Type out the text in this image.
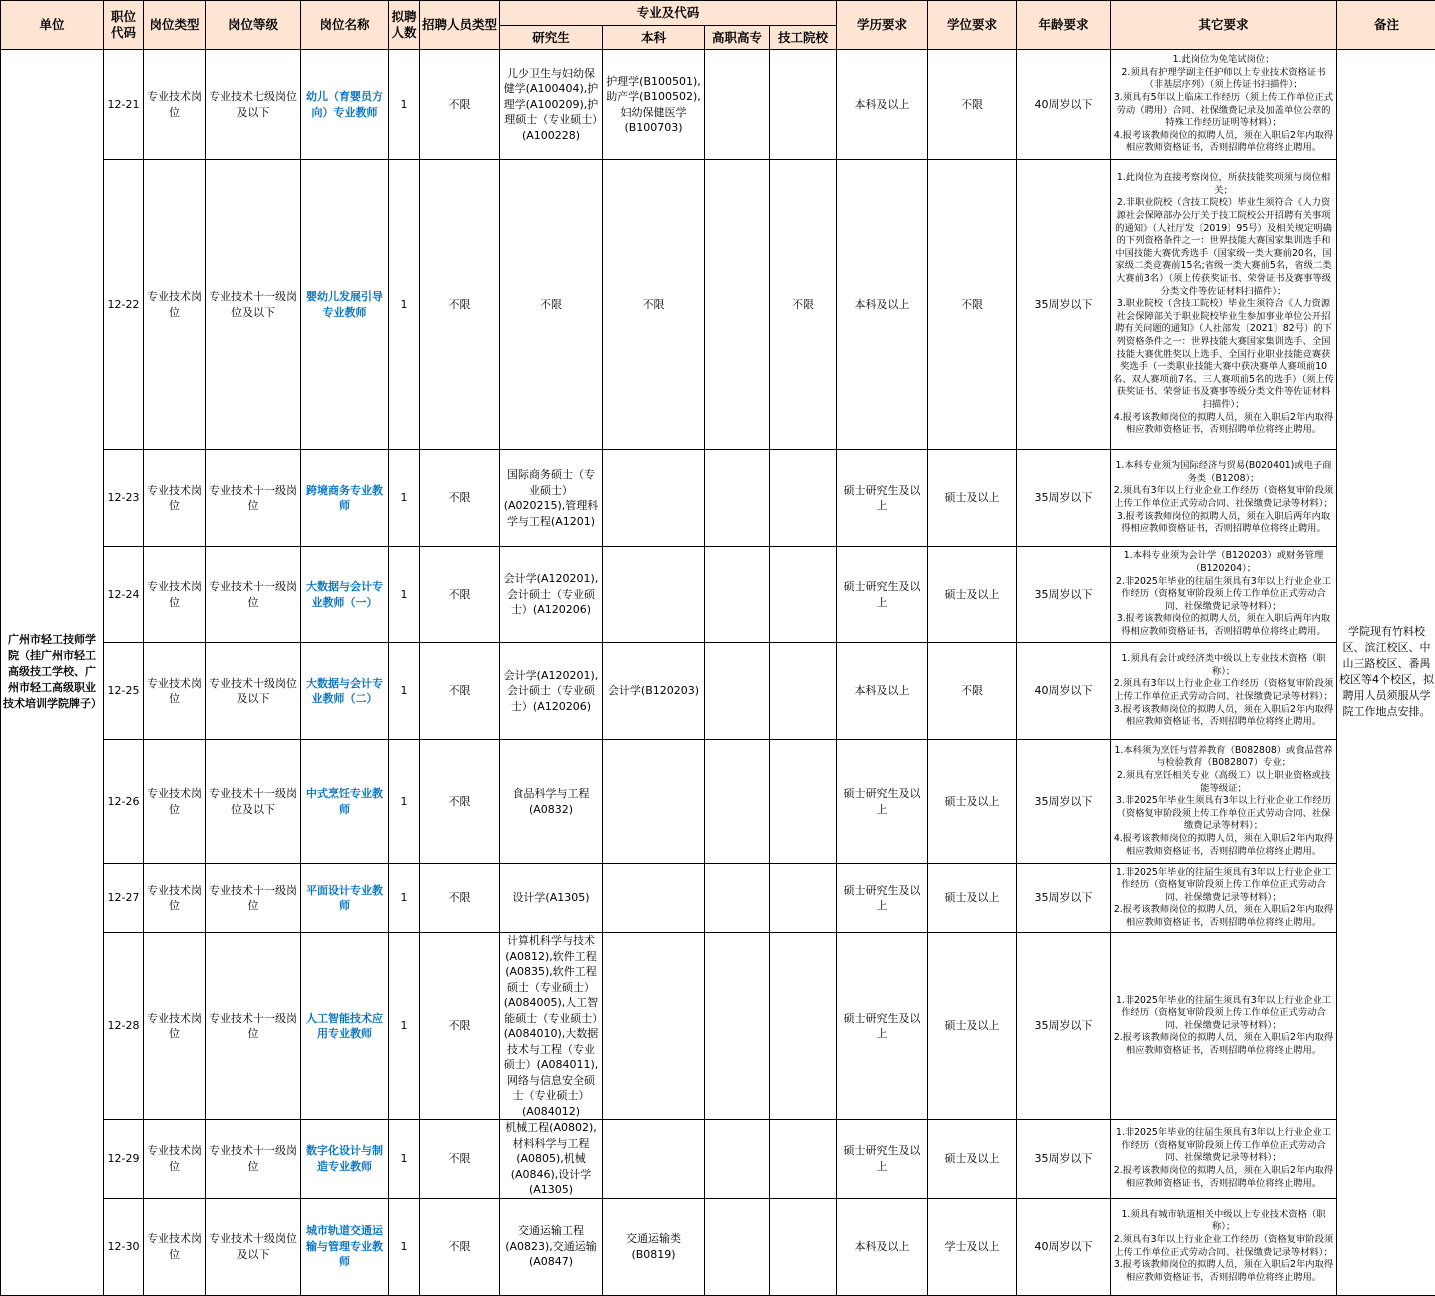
单位	职位代码	岗位类型	岗位等级	岗位名称	拟聘人数	招聘人员类型	专业及代码				学历要求	学位要求	年龄要求	其它要求	备注
							研究生	本科	高职高专	技工院校					
广州市轻工技师学院（挂广州市轻工高级技工学校、广州市轻工高级职业技术培训学院牌子）	12-21	专业技术岗位	专业技术七级岗位及以下	幼儿（育婴员方向）专业教师	1	不限	儿少卫生与妇幼保健学(A100404),护理学(A100209),护理硕士（专业硕士）(A100228)	护理学(B100501),助产学(B100502),妇幼保健医学(B100703)			本科及以上	不限	40周岁以下	1.此岗位为免笔试岗位；
2.须具有护理学副主任护师以上专业技术资格证书（非基层序列）（须上传证书扫描件）；
3.须具有5年以上临床工作经历（须上传工作单位正式劳动（聘用）合同、社保缴费记录及加盖单位公章的特殊工作经历证明等材料）；
4.报考该教师岗位的拟聘人员，须在入职后2年内取得相应教师资格证书，否则招聘单位将终止聘用。	学院现有竹料校区、滨江校区、中山三路校区、番禺校区等4个校区，拟聘用人员须服从学院工作地点安排。
	12-22	专业技术岗位	专业技术十一级岗位及以下	婴幼儿发展引导专业教师	1	不限	不限	不限		不限	本科及以上	不限	35周岁以下	1.此岗位为直接考察岗位，所获技能奖项须与岗位相关；
2.非职业院校（含技工院校）毕业生须符合《人力资源社会保障部办公厅关于技工院校公开招聘有关事项的通知》（人社厅发〔2019〕95号）及相关规定明确的下列资格条件之一：世界技能大赛国家集训选手和中国技能大赛优秀选手（国家级一类大赛前20名，国家级二类竞赛前15名;省级一类大赛前5名，省级二类大赛前3名）（须上传获奖证书、荣誉证书及赛事等级分类文件等佐证材料扫描件）；
3.职业院校（含技工院校）毕业生须符合《人力资源社会保障部关于职业院校毕业生参加事业单位公开招聘有关问题的通知》（人社部发〔2021〕82号）的下列资格条件之一：世界技能大赛国家集训选手、全国技能大赛优胜奖以上选手、全国行业职业技能竞赛获奖选手（一类职业技能大赛中获决赛单人赛项前10名、双人赛项前7名、三人赛项前5名的选手）（须上传获奖证书、荣誉证书及赛事等级分类文件等佐证材料扫描件）；
4.报考该教师岗位的拟聘人员，须在入职后2年内取得相应教师资格证书，否则招聘单位将终止聘用。	
	12-23	专业技术岗位	专业技术十一级岗位	跨境商务专业教师	1	不限	国际商务硕士（专业硕士）(A020215),管理科学与工程(A1201)				硕士研究生及以上	硕士及以上	35周岁以下	1.本科专业须为国际经济与贸易(B020401)或电子商务类（B1208）；
2.须具有3年以上行业企业工作经历（资格复审阶段须上传工作单位正式劳动合同、社保缴费记录等材料）；
3.报考该教师岗位的拟聘人员，须在入职后两年内取得相应教师资格证书，否则招聘单位将终止聘用。	
	12-24	专业技术岗位	专业技术十一级岗位	大数据与会计专业教师（一）	1	不限	会计学(A120201),会计硕士（专业硕士）(A120206)				硕士研究生及以上	硕士及以上	35周岁以下	1.本科专业须为会计学（B120203）或财务管理（B120204）；
2.非2025年毕业的往届生须具有3年以上行业企业工作经历（资格复审阶段须上传工作单位正式劳动合同、社保缴费记录等材料）；
3.报考该教师岗位的拟聘人员，须在入职后两年内取得相应教师资格证书，否则招聘单位将终止聘用。	
	12-25	专业技术岗位	专业技术十级岗位及以下	大数据与会计专业教师（二）	1	不限	会计学(A120201),会计硕士（专业硕士）(A120206)	会计学(B120203)			本科及以上	不限	40周岁以下	1.须具有会计或经济类中级以上专业技术资格（职称）；
2.须具有3年以上行业企业工作经历（资格复审阶段须上传工作单位正式劳动合同、社保缴费记录等材料）；
3.报考该教师岗位的拟聘人员，须在入职后2年内取得相应教师资格证书，否则招聘单位将终止聘用。	
	12-26	专业技术岗位	专业技术十一级岗位及以下	中式烹饪专业教师	1	不限	食品科学与工程(A0832)				硕士研究生及以上	硕士及以上	35周岁以下	1.本科须为烹饪与营养教育（B082808）或食品营养与检验教育（B082807）专业；
2.须具有烹饪相关专业（高级工）以上职业资格或技能等级证；
3.非2025年毕业生须具有3年以上行业企业工作经历（资格复审阶段须上传工作单位正式劳动合同、社保缴费记录等材料）；
4.报考该教师岗位的拟聘人员，须在入职后2年内取得相应教师资格证书，否则招聘单位将终止聘用。	
	12-27	专业技术岗位	专业技术十一级岗位	平面设计专业教师	1	不限	设计学(A1305)				硕士研究生及以上	硕士及以上	35周岁以下	1.非2025年毕业的往届生须具有3年以上行业企业工作经历（资格复审阶段须上传工作单位正式劳动合同、社保缴费记录等材料）；
2.报考该教师岗位的拟聘人员，须在入职后2年内取得相应教师资格证书，否则招聘单位将终止聘用。	
	12-28	专业技术岗位	专业技术十一级岗位	人工智能技术应用专业教师	1	不限	计算机科学与技术(A0812),软件工程(A0835),软件工程硕士（专业硕士）(A084005),人工智能硕士（专业硕士）(A084010),大数据技术与工程（专业硕士）(A084011),网络与信息安全硕士（专业硕士）(A084012)				硕士研究生及以上	硕士及以上	35周岁以下	1.非2025年毕业的往届生须具有3年以上行业企业工作经历（资格复审阶段须上传工作单位正式劳动合同、社保缴费记录等材料）；
2.报考该教师岗位的拟聘人员，须在入职后2年内取得相应教师资格证书，否则招聘单位将终止聘用。	
	12-29	专业技术岗位	专业技术十一级岗位	数字化设计与制造专业教师	1	不限	机械工程(A0802),材料科学与工程(A0805),机械(A0846),设计学(A1305)				硕士研究生及以上	硕士及以上	35周岁以下	1.非2025年毕业的往届生须具有3年以上行业企业工作经历（资格复审阶段须上传工作单位正式劳动合同、社保缴费记录等材料）；
2.报考该教师岗位的拟聘人员，须在入职后2年内取得相应教师资格证书，否则招聘单位将终止聘用。	
	12-30	专业技术岗位	专业技术十级岗位及以下	城市轨道交通运输与管理专业教师	1	不限	交通运输工程(A0823),交通运输(A0847)	交通运输类(B0819)			本科及以上	学士及以上	40周岁以下	1.须具有城市轨道相关中级以上专业技术资格（职称）；
2.须具有3年以上行业企业工作经历（资格复审阶段须上传工作单位正式劳动合同、社保缴费记录等材料）；
3.报考该教师岗位的拟聘人员，须在入职后2年内取得相应教师资格证书，否则招聘单位将终止聘用。	
